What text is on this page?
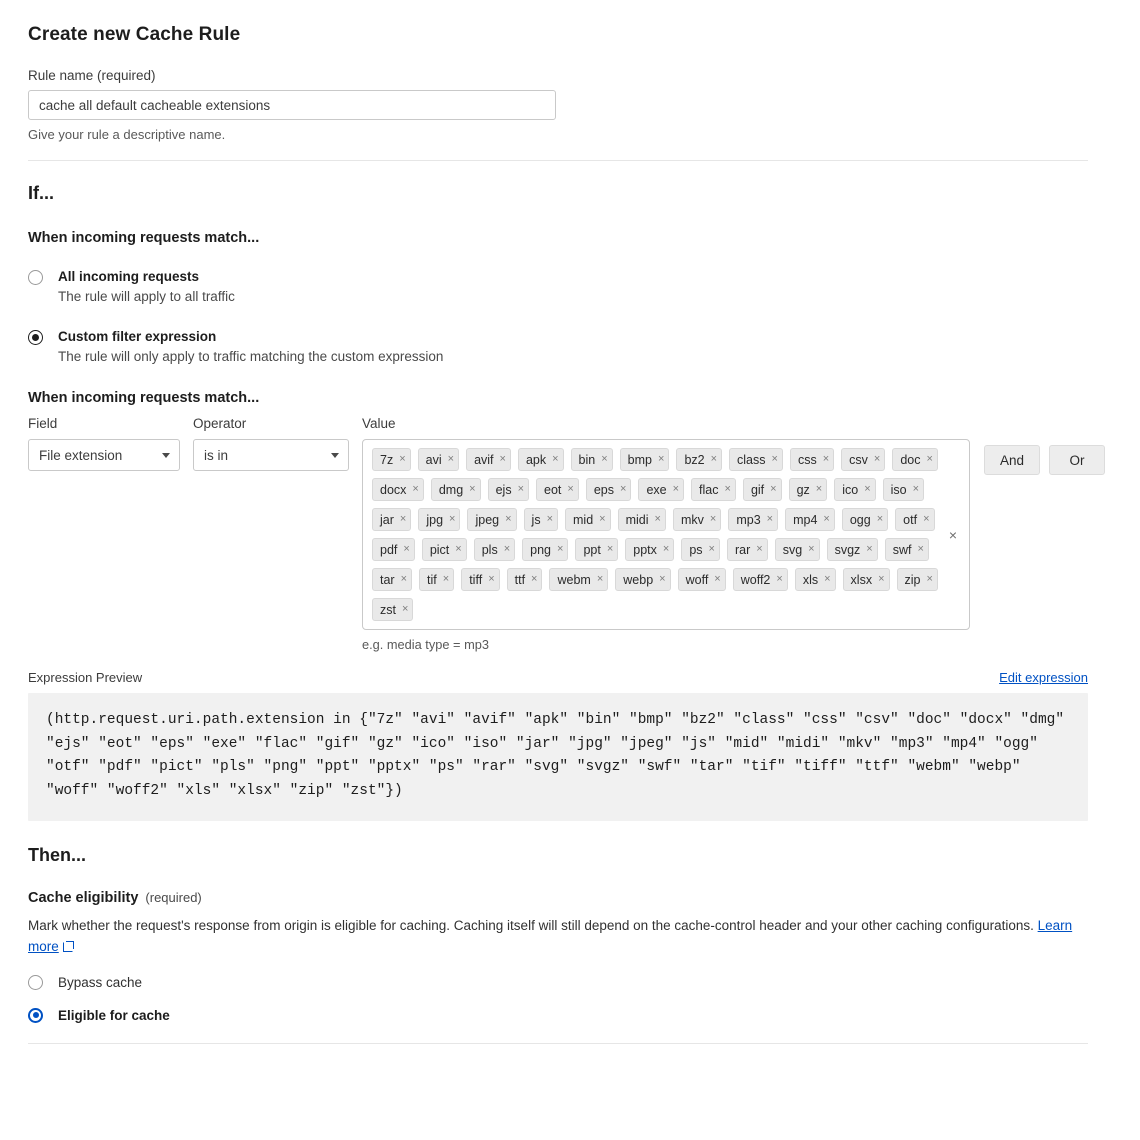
Create new Cache Rule
Rule name (required)
cache all default cacheable extensions
Give your rule a descriptive name.
If...
When incoming requests match...
All incoming requests
The rule will apply to all traffic
Custom filter expression
The rule will only apply to traffic matching the custom expression
When incoming requests match...
Field
File extension
Operator
is in
Value
7z × avi × avif × apk × bin × bmp × bz2 × class × css × csv × doc ×
docx × dmg × ejs × eot × eps × exe × flac × gif × gz × ico × iso ×
jar × jpg × jpeg × js × mid × midi × mkv × mp3 × mp4 × ogg × otf ×
pdf × pict × pls × png × ppt × pptx × ps × rar × svg × svgz × swf ×
tar × tif × tiff × ttf × webm × webp × woff × woff2 × xls × xlsx × zip ×
zst ×
×
e.g. media type = mp3
And	Or
Expression Preview	Edit expression
(http.request.uri.path.extension in {"7z" "avi" "avif" "apk" "bin" "bmp" "bz2" "class" "css" "csv" "doc" "docx" "dmg" "ejs" "eot" "eps" "exe" "flac" "gif" "gz" "ico" "iso" "jar" "jpg" "jpeg" "js" "mid" "midi" "mkv" "mp3" "mp4" "ogg" "otf" "pdf" "pict" "pls" "png" "ppt" "pptx" "ps" "rar" "svg" "svgz" "swf" "tar" "tif" "tiff" "ttf" "webm" "webp" "woff" "woff2" "xls" "xlsx" "zip" "zst"})
Then...
Cache eligibility (required)
Mark whether the request's response from origin is eligible for caching. Caching itself will still depend on the cache-control header and your other caching configurations. Learn more
Bypass cache
Eligible for cache
